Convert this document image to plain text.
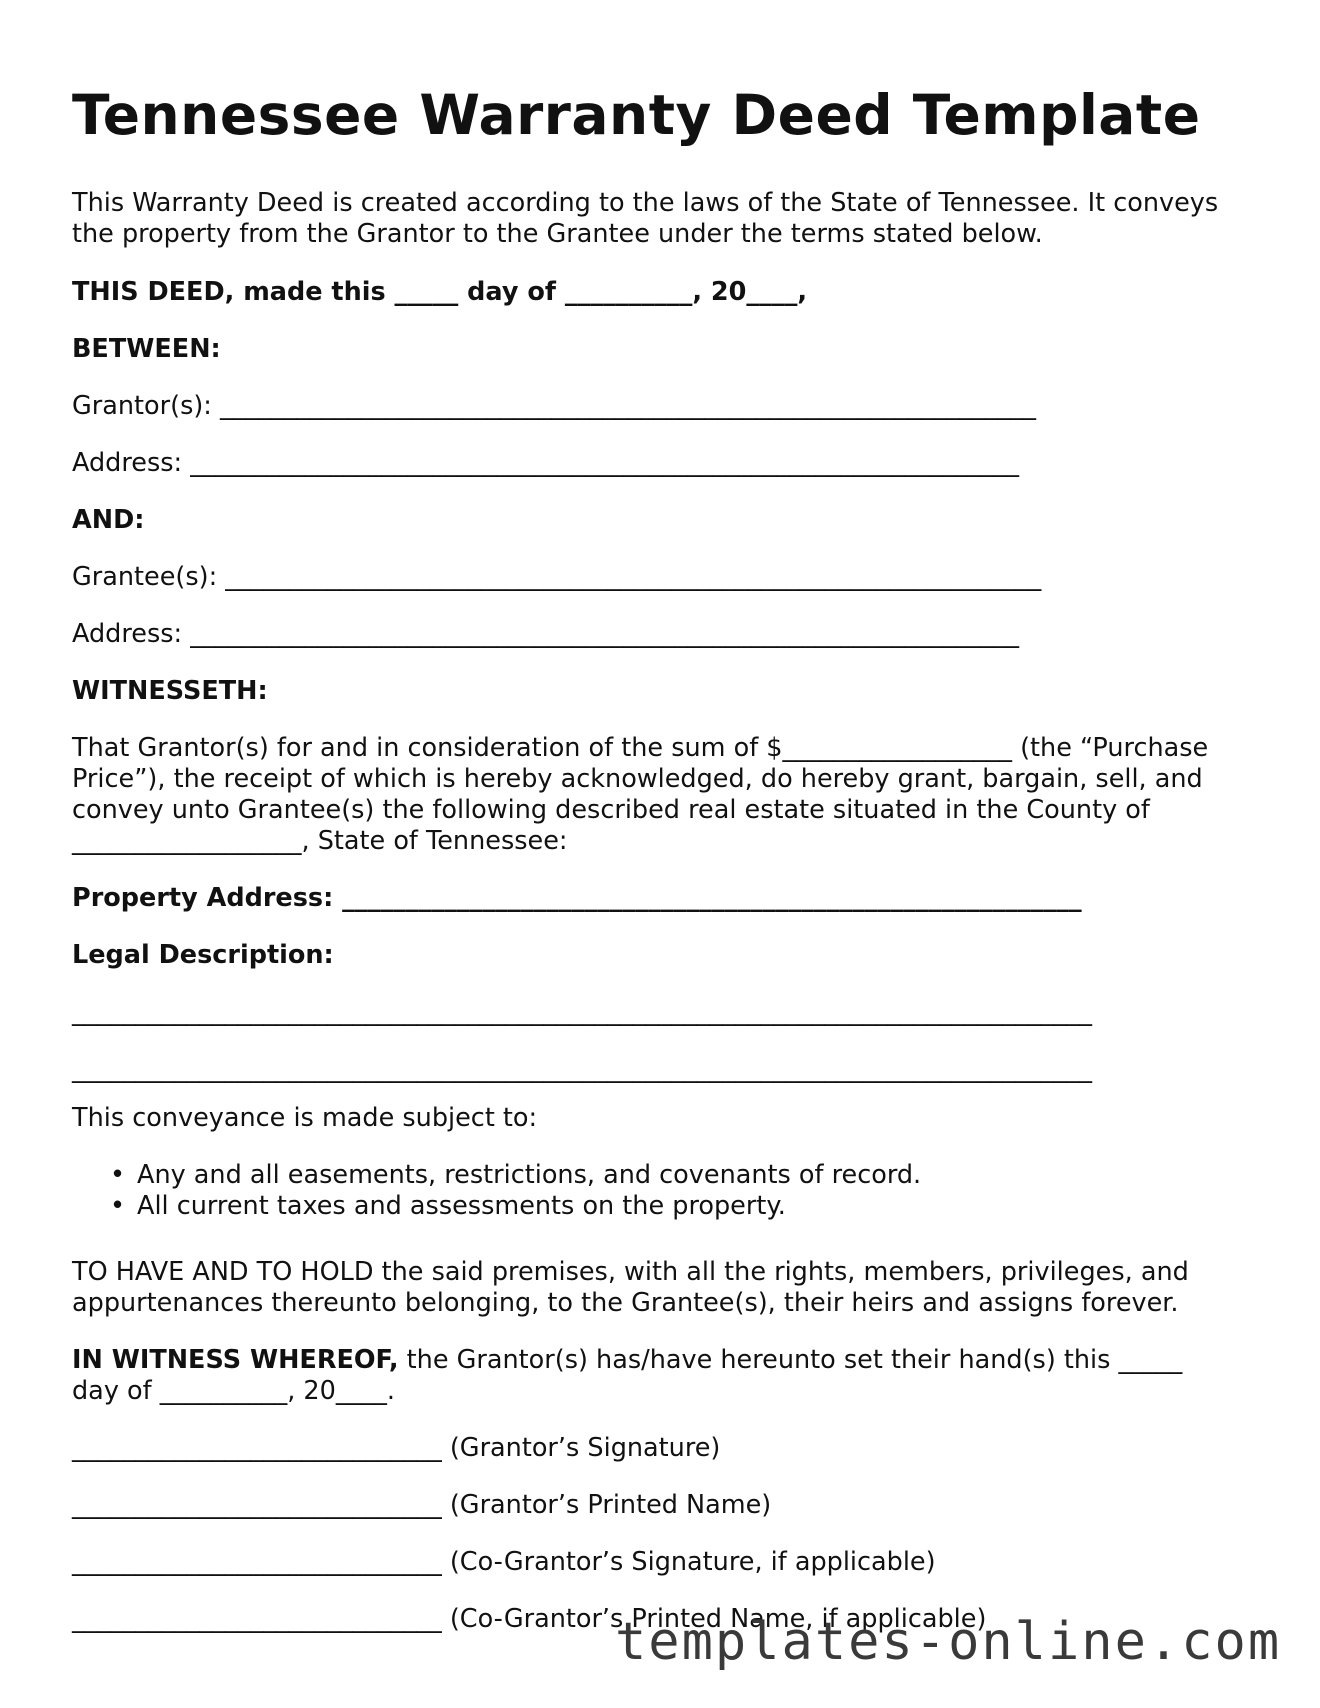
Tennessee Warranty Deed Template

This Warranty Deed is created according to the laws of the State of Tennessee. It conveys

the property from the Grantor to the Grantee under the terms stated below.

THIS DEED, made this _____ day of __________, 20____,

BETWEEN:

Grantor(s): ________________________________________________________________

Address: _________________________________________________________________

AND:

Grantee(s): ________________________________________________________________

Address: _________________________________________________________________

WITNESSETH:

That Grantor(s) for and in consideration of the sum of $__________________ (the “Purchase

Price”), the receipt of which is hereby acknowledged, do hereby grant, bargain, sell, and

convey unto Grantee(s) the following described real estate situated in the County of

__________________, State of Tennessee:

Property Address: __________________________________________________________

Legal Description:

________________________________________________________________________________

________________________________________________________________________________

This conveyance is made subject to:

• Any and all easements, restrictions, and covenants of record.
• All current taxes and assessments on the property.

TO HAVE AND TO HOLD the said premises, with all the rights, members, privileges, and

appurtenances thereunto belonging, to the Grantee(s), their heirs and assigns forever.

IN WITNESS WHEREOF, the Grantor(s) has/have hereunto set their hand(s) this _____

day of __________, 20____.

_____________________________ (Grantor’s Signature)

_____________________________ (Grantor’s Printed Name)

_____________________________ (Co-Grantor’s Signature, if applicable)

_____________________________ (Co-Grantor’s Printed Name, if applicable)

templates-online.com
